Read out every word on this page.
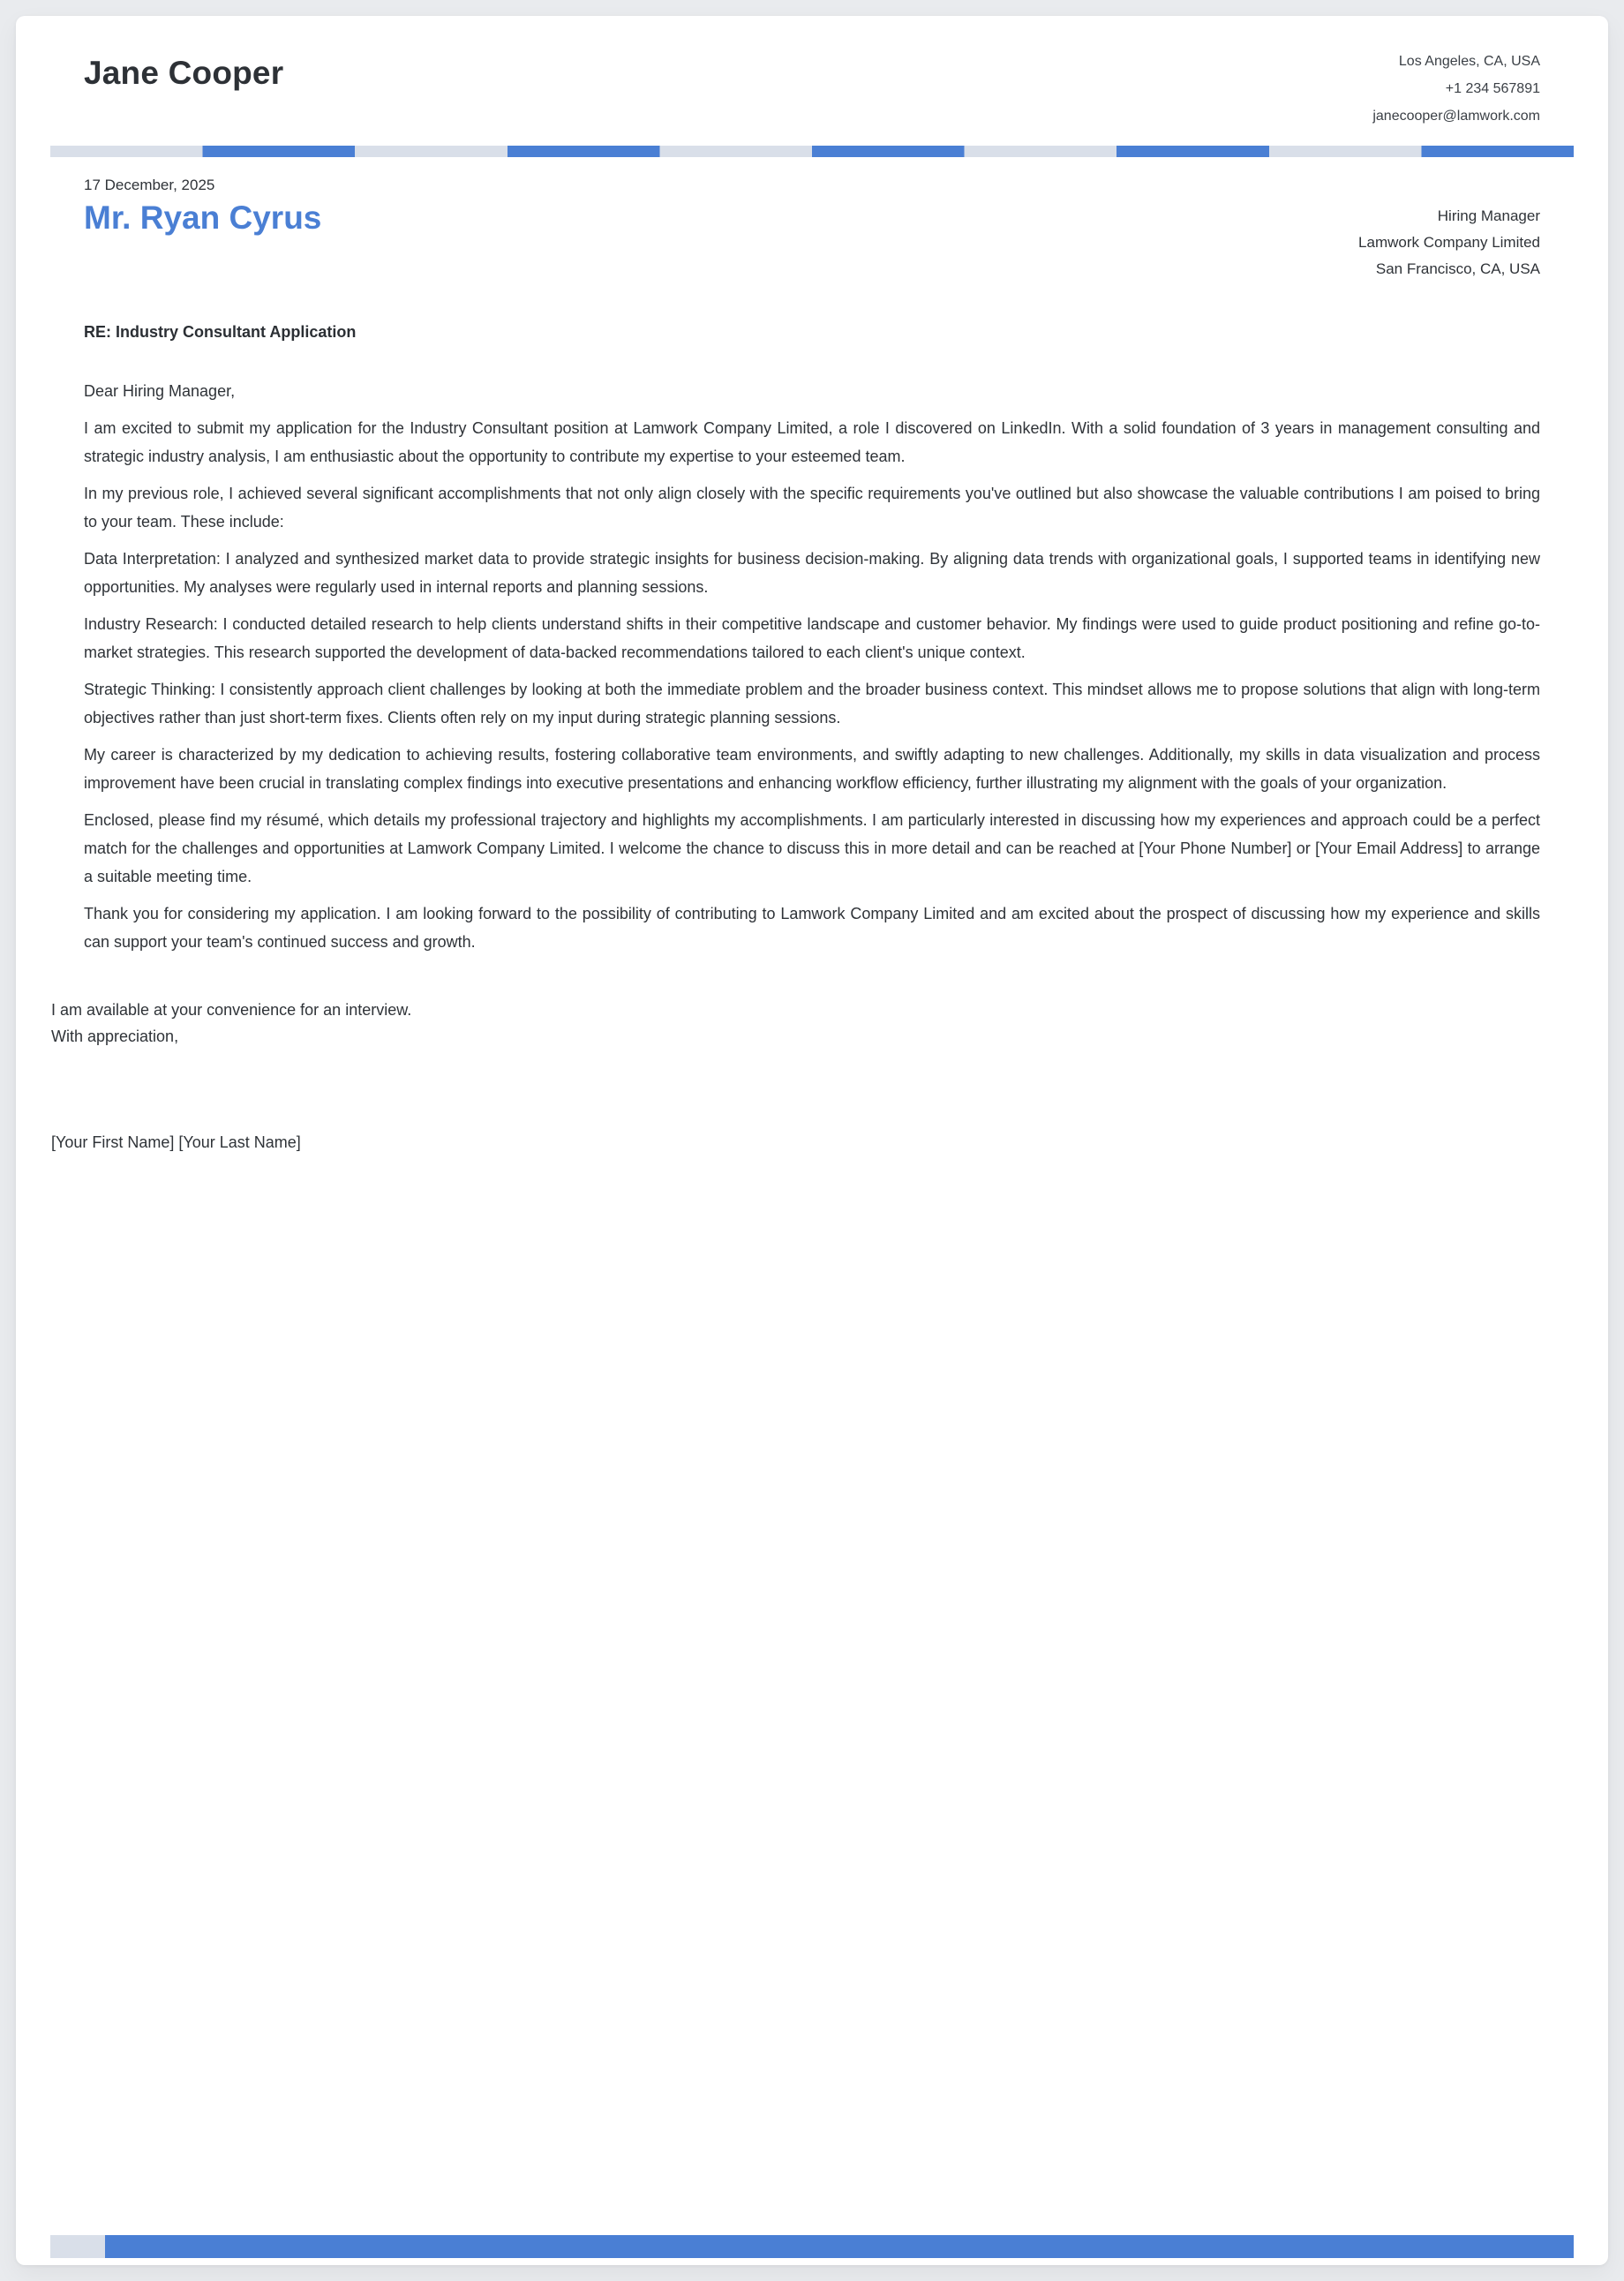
Jane Cooper	Los Angeles, CA, USA
+1 234 567891
janecooper@lamwork.com
17 December, 2025
Mr. Ryan Cyrus	Hiring Manager
Lamwork Company Limited
San Francisco, CA, USA
RE: Industry Consultant Application

Dear Hiring Manager,

I am excited to submit my application for the Industry Consultant position at Lamwork Company Limited, a role I discovered on LinkedIn. With a solid foundation of 3 years in management consulting and strategic industry analysis, I am enthusiastic about the opportunity to contribute my expertise to your esteemed team.

In my previous role, I achieved several significant accomplishments that not only align closely with the specific requirements you've outlined but also showcase the valuable contributions I am poised to bring to your team. These include:

Data Interpretation: I analyzed and synthesized market data to provide strategic insights for business decision-making. By aligning data trends with organizational goals, I supported teams in identifying new opportunities. My analyses were regularly used in internal reports and planning sessions.

Industry Research: I conducted detailed research to help clients understand shifts in their competitive landscape and customer behavior. My findings were used to guide product positioning and refine go-to-market strategies. This research supported the development of data-backed recommendations tailored to each client's unique context.

Strategic Thinking: I consistently approach client challenges by looking at both the immediate problem and the broader business context. This mindset allows me to propose solutions that align with long-term objectives rather than just short-term fixes. Clients often rely on my input during strategic planning sessions.

My career is characterized by my dedication to achieving results, fostering collaborative team environments, and swiftly adapting to new challenges. Additionally, my skills in data visualization and process improvement have been crucial in translating complex findings into executive presentations and enhancing workflow efficiency, further illustrating my alignment with the goals of your organization.

Enclosed, please find my résumé, which details my professional trajectory and highlights my accomplishments. I am particularly interested in discussing how my experiences and approach could be a perfect match for the challenges and opportunities at Lamwork Company Limited. I welcome the chance to discuss this in more detail and can be reached at [Your Phone Number] or [Your Email Address] to arrange a suitable meeting time.

Thank you for considering my application. I am looking forward to the possibility of contributing to Lamwork Company Limited and am excited about the prospect of discussing how my experience and skills can support your team's continued success and growth.

I am available at your convenience for an interview.
With appreciation,
[Your First Name] [Your Last Name]
